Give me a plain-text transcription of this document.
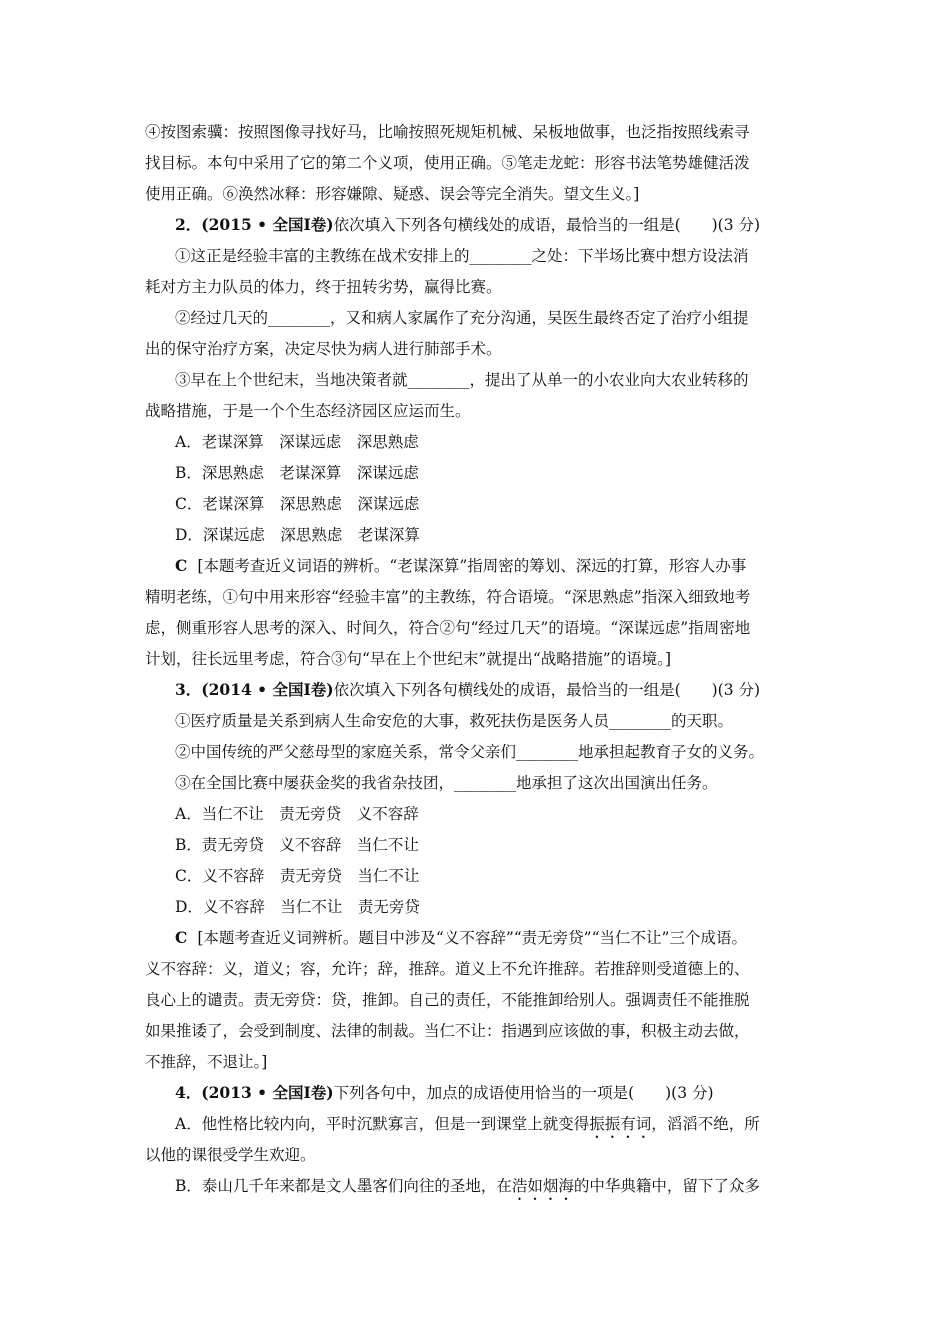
④按图索骥：按照图像寻找好马，比喻按照死规矩机械、呆板地做事，也泛指按照线索寻
找目标。本句中采用了它的第二个义项，使用正确。⑤笔走龙蛇：形容书法笔势雄健活泼
使用正确。⑥涣然冰释：形容嫌隙、疑惑、误会等完全消失。望文生义。]
2．(2015 • 全国Ⅰ卷)依次填入下列各句横线处的成语，最恰当的一组是(　　)(3 分)
①这正是经验丰富的主教练在战术安排上的________之处：下半场比赛中想方设法消
耗对方主力队员的体力，终于扭转劣势，赢得比赛。
②经过几天的________，又和病人家属作了充分沟通，吴医生最终否定了治疗小组提
出的保守治疗方案，决定尽快为病人进行肺部手术。
③早在上个世纪末，当地决策者就________，提出了从单一的小农业向大农业转移的
战略措施，于是一个个生态经济园区应运而生。
A．老谋深算　深谋远虑　深思熟虑
B．深思熟虑　老谋深算　深谋远虑
C．老谋深算　深思熟虑　深谋远虑
D．深谋远虑　深思熟虑　老谋深算
C [本题考查近义词语的辨析。“老谋深算”指周密的筹划、深远的打算，形容人办事
精明老练，①句中用来形容“经验丰富”的主教练，符合语境。“深思熟虑”指深入细致地考
虑，侧重形容人思考的深入、时间久，符合②句“经过几天”的语境。“深谋远虑”指周密地
计划，往长远里考虑，符合③句“早在上个世纪末”就提出“战略措施”的语境。]
3．(2014 • 全国Ⅰ卷)依次填入下列各句横线处的成语，最恰当的一组是(　　)(3 分)
①医疗质量是关系到病人生命安危的大事，救死扶伤是医务人员________的天职。
②中国传统的严父慈母型的家庭关系，常令父亲们________地承担起教育子女的义务。
③在全国比赛中屡获金奖的我省杂技团，________地承担了这次出国演出任务。
A．当仁不让　责无旁贷　义不容辞
B．责无旁贷　义不容辞　当仁不让
C．义不容辞　责无旁贷　当仁不让
D．义不容辞　当仁不让　责无旁贷
C [本题考查近义词辨析。题目中涉及“义不容辞”“责无旁贷”“当仁不让”三个成语。
义不容辞：义，道义；容，允许；辞，推辞。道义上不允许推辞。若推辞则受道德上的、
良心上的谴责。责无旁贷：贷，推卸。自己的责任，不能推卸给别人。强调责任不能推脱
如果推诿了，会受到制度、法律的制裁。当仁不让：指遇到应该做的事，积极主动去做，
不推辞，不退让。]
4．(2013 • 全国Ⅰ卷)下列各句中，加点的成语使用恰当的一项是(　　)(3 分)
A．他性格比较内向，平时沉默寡言，但是一到课堂上就变得振振有词，滔滔不绝，所
以他的课很受学生欢迎。
B．泰山几千年来都是文人墨客们向往的圣地，在浩如烟海的中华典籍中，留下了众多
